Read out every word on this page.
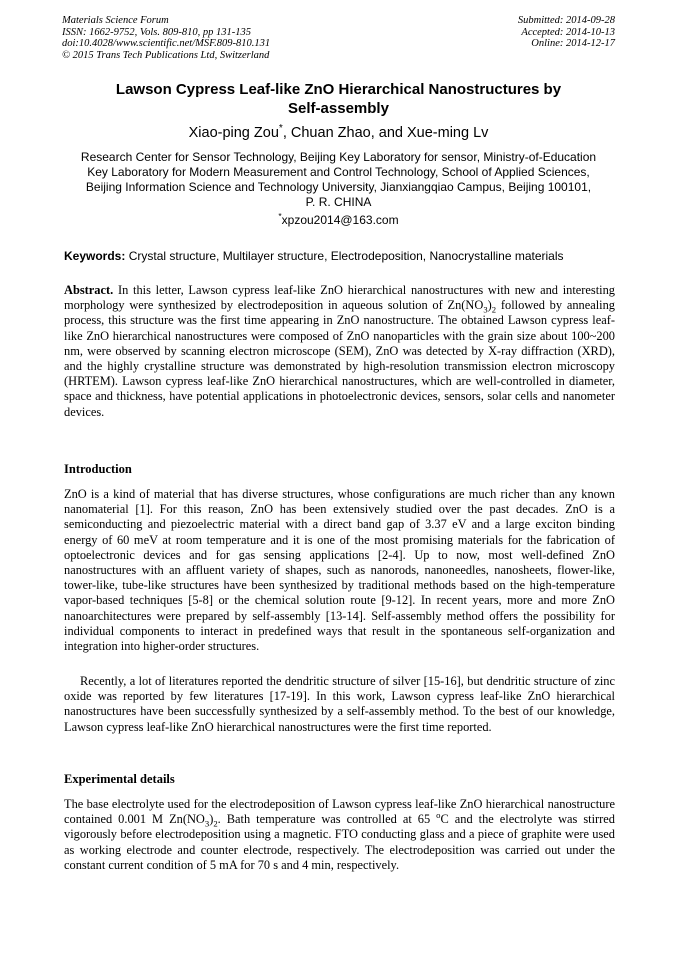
Materials Science Forum
ISSN: 1662-9752, Vols. 809-810, pp 131-135
doi:10.4028/www.scientific.net/MSF.809-810.131
© 2015 Trans Tech Publications Ltd, Switzerland
Submitted: 2014-09-28
Accepted: 2014-10-13
Online: 2014-12-17
Lawson Cypress Leaf-like ZnO Hierarchical Nanostructures by
Self-assembly
Xiao-ping Zou*, Chuan Zhao, and Xue-ming Lv
Research Center for Sensor Technology, Beijing Key Laboratory for sensor, Ministry-of-Education
Key Laboratory for Modern Measurement and Control Technology, School of Applied Sciences,
Beijing Information Science and Technology University, Jianxiangqiao Campus, Beijing 100101,
P. R. CHINA
*xpzou2014@163.com
Keywords: Crystal structure, Multilayer structure, Electrodeposition, Nanocrystalline materials
Abstract. In this letter, Lawson cypress leaf-like ZnO hierarchical nanostructures with new and interesting morphology were synthesized by electrodeposition in aqueous solution of $Zn(NO_3)_2$ followed by annealing process, this structure was the first time appearing in ZnO nanostructure. The obtained Lawson cypress leaf-like ZnO hierarchical nanostructures were composed of ZnO nanoparticles with the grain size about 100~200 nm, were observed by scanning electron microscope (SEM), ZnO was detected by X-ray diffraction (XRD), and the highly crystalline structure was demonstrated by high-resolution transmission electron microscopy (HRTEM). Lawson cypress leaf-like ZnO hierarchical nanostructures, which are well-controlled in diameter, space and thickness, have potential applications in photoelectronic devices, sensors, solar cells and nanometer devices.
Introduction
ZnO is a kind of material that has diverse structures, whose configurations are much richer than any known nanomaterial [1]. For this reason, ZnO has been extensively studied over the past decades. ZnO is a semiconducting and piezoelectric material with a direct band gap of 3.37 eV and a large exciton binding energy of 60 meV at room temperature and it is one of the most promising materials for the fabrication of optoelectronic devices and for gas sensing applications [2-4]. Up to now, most well-defined ZnO nanostructures with an affluent variety of shapes, such as nanorods, nanoneedles, nanosheets, flower-like, tower-like, tube-like structures have been synthesized by traditional methods based on the high-temperature vapor-based techniques [5-8] or the chemical solution route [9-12]. In recent years, more and more ZnO nanoarchitectures were prepared by self-assembly [13-14]. Self-assembly method offers the possibility for individual components to interact in predefined ways that result in the spontaneous self-organization and integration into higher-order structures.
Recently, a lot of literatures reported the dendritic structure of silver [15-16], but dendritic structure of zinc oxide was reported by few literatures [17-19]. In this work, Lawson cypress leaf-like ZnO hierarchical nanostructures have been successfully synthesized by a self-assembly method. To the best of our knowledge, Lawson cypress leaf-like ZnO hierarchical nanostructures were the first time reported.
Experimental details
The base electrolyte used for the electrodeposition of Lawson cypress leaf-like ZnO hierarchical nanostructure contained 0.001 M $Zn(NO_3)_2$. Bath temperature was controlled at 65 $^o$C and the electrolyte was stirred vigorously before electrodeposition using a magnetic. FTO conducting glass and a piece of graphite were used as working electrode and counter electrode, respectively. The electrodeposition was carried out under the constant current condition of 5 mA for 70 s and 4 min, respectively.
